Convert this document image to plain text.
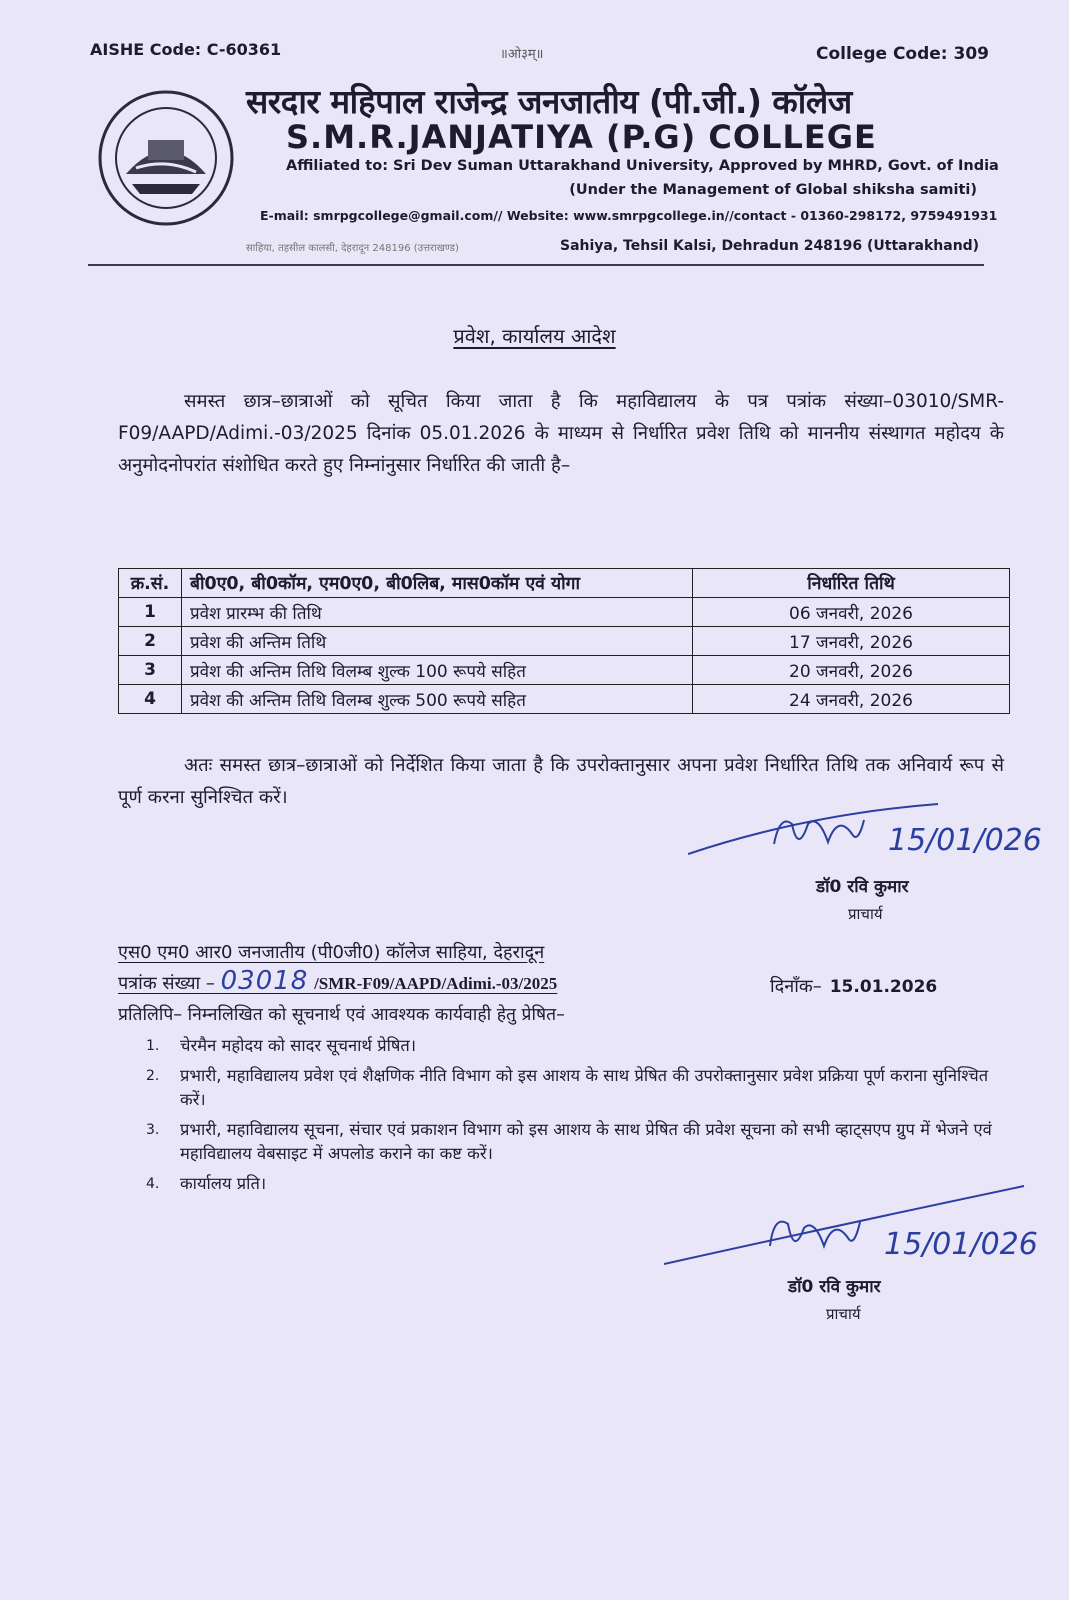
AISHE Code: C-60361	॥ओ३म्॥	College Code: 309
सरदार महिपाल राजेन्द्र जनजातीय (पी.जी.) कॉलेज
S.M.R.JANJATIYA (P.G) COLLEGE
Affiliated to: Sri Dev Suman Uttarakhand University, Approved by MHRD, Govt. of India
(Under the Management of Global shiksha samiti)
E-mail: smrpgcollege@gmail.com// Website: www.smrpgcollege.in//contact - 01360-298172, 9759491931
साहिया, तहसील कालसी, देहरादून 248196 (उत्तराखण्ड)	Sahiya, Tehsil Kalsi, Dehradun 248196 (Uttarakhand)
प्रवेश, कार्यालय आदेश
समस्त छात्र–छात्राओं को सूचित किया जाता है कि महाविद्यालय के पत्र पत्रांक संख्या–03010/SMR-F09/AAPD/Adimi.-03/2025 दिनांक 05.01.2026 के माध्यम से निर्धारित प्रवेश तिथि को माननीय संस्थागत महोदय के अनुमोदनोपरांत संशोधित करते हुए निम्नांनुसार निर्धारित की जाती है–
क्र.सं.	बी0ए0, बी0कॉम, एम0ए0, बी0लिब, मास0कॉम एवं योगा	निर्धारित तिथि
1	प्रवेश प्रारम्भ की तिथि	06 जनवरी, 2026
2	प्रवेश की अन्तिम तिथि	17 जनवरी, 2026
3	प्रवेश की अन्तिम तिथि विलम्ब शुल्क 100 रूपये सहित	20 जनवरी, 2026
4	प्रवेश की अन्तिम तिथि विलम्ब शुल्क 500 रूपये सहित	24 जनवरी, 2026
अतः समस्त छात्र–छात्राओं को निर्देशित किया जाता है कि उपरोक्तानुसार अपना प्रवेश निर्धारित तिथि तक अनिवार्य रूप से पूर्ण करना सुनिश्चित करें।
15/01/026
डॉ0 रवि कुमार
प्राचार्य
एस0 एम0 आर0 जनजातीय (पी0जी0) कॉलेज साहिया, देहरादून
पत्रांक संख्या – 03018 /SMR-F09/AAPD/Adimi.-03/2025	दिनाँक– 15.01.2026
प्रतिलिपि– निम्नलिखित को सूचनार्थ एवं आवश्यक कार्यवाही हेतु प्रेषित–
1. चेरमैन महोदय को सादर सूचनार्थ प्रेषित।
2. प्रभारी, महाविद्यालय प्रवेश एवं शैक्षणिक नीति विभाग को इस आशय के साथ प्रेषित की उपरोक्तानुसार प्रवेश प्रक्रिया पूर्ण कराना सुनिश्चित करें।
3. प्रभारी, महाविद्यालय सूचना, संचार एवं प्रकाशन विभाग को इस आशय के साथ प्रेषित की प्रवेश सूचना को सभी व्हाट्सएप ग्रुप में भेजने एवं महाविद्यालय वेबसाइट में अपलोड कराने का कष्ट करें।
4. कार्यालय प्रति।
15/01/026
डॉ0 रवि कुमार
प्राचार्य
